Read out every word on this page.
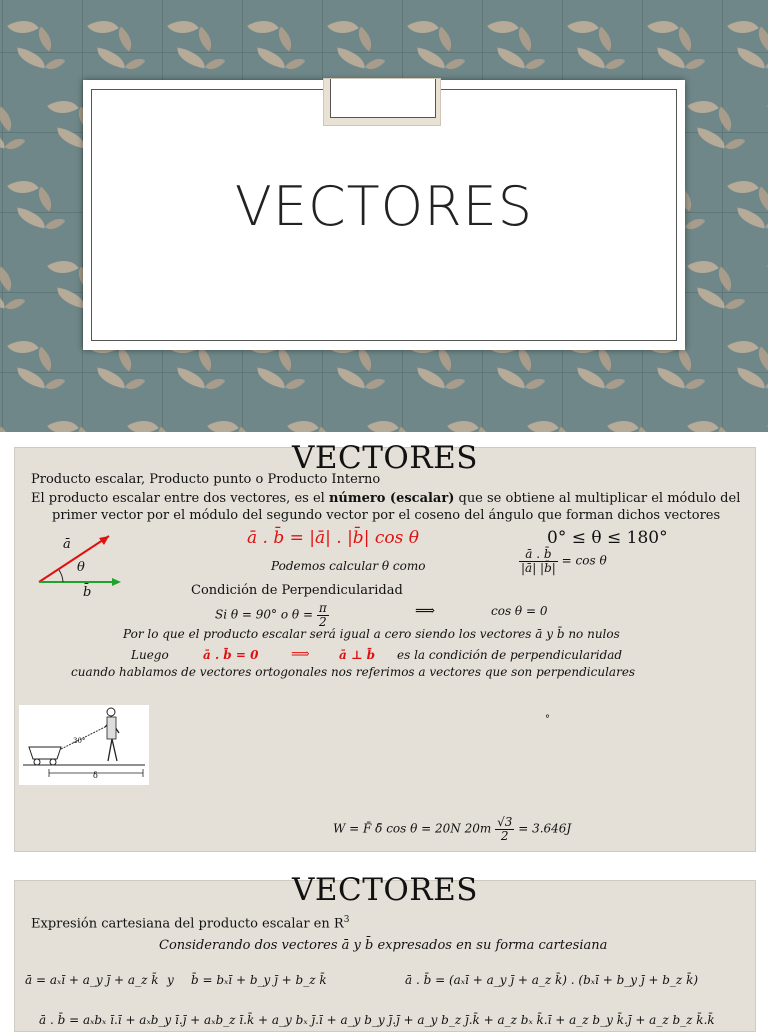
VECTORES
VECTORES
Producto escalar, Producto punto o Producto Interno
El producto escalar entre dos vectores, es el número (escalar) que se obtiene al multiplicar el módulo del
primer vector por el módulo del segundo vector por el coseno del ángulo que forman dichos vectores
ā
b̄
θ
ā . b̄ = |ā| . |b̄| cos θ	0° ≤ θ ≤ 180°
Podemos calcular θ como	$\frac{ā . b̄}{|ā| |b̄|} = \cos \theta$
Condición de Perpendicularidad
Si θ = 90° o $\theta = \frac{\pi}{2}$	⟹	cos θ = 0
Por lo que el producto escalar será igual a cero siendo los vectores ā y b̄ no nulos
Luego	ā . b̄ = 0	⟹ ā ⊥ b̄ es la condición de perpendicularidad
cuando hablamos de vectores ortogonales nos referimos a vectores que son perpendiculares
30°
δ
°
W = F̄ δ̄ cos θ = 20N $20m \frac{√3}{2} = 3.646J$
VECTORES
Expresión cartesiana del producto escalar en $R^3$
Considerando dos vectores ā y b̄ expresados en su forma cartesiana
ā = aₓī + a_y ȷ̄ + a_z k̄ y b̄ = bₓī + b_y ȷ̄ + b_z k̄	ā . b̄ = (aₓī + a_y ȷ̄ + a_z k̄) . (bₓī + b_y ȷ̄ + b_z k̄)
ā . b̄ = aₓbₓ ī.ī + aₓb_y ī.ȷ̄ + aₓb_z ī.k̄ + a_y bₓ ȷ̄.ī + a_y b_y ȷ̄.ȷ̄ + a_y b_z ȷ̄.k̄ + a_z bₓ k̄.ī + a_z b_y k̄.ȷ̄ + a_z b_z k̄.k̄
